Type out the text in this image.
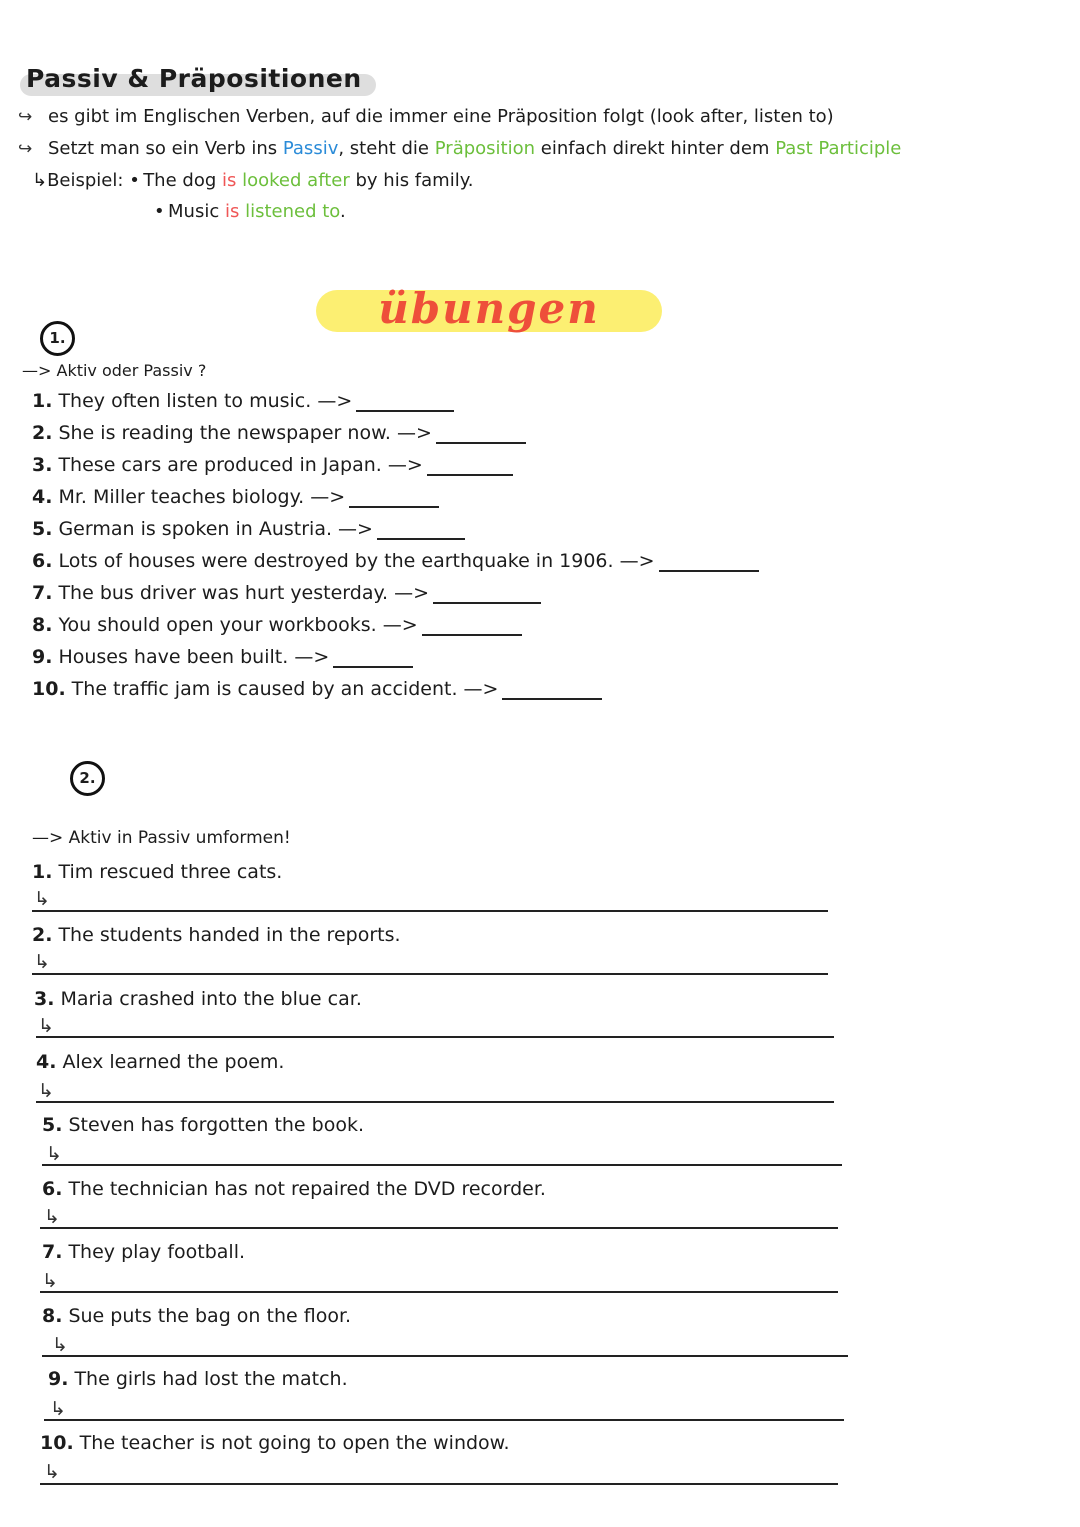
Passiv & Präpositionen
↪ es gibt im Englischen Verben, auf die immer eine Präposition folgt (look after, listen to)
↪ Setzt man so ein Verb ins Passiv, steht die Präposition einfach direkt hinter dem Past Participle
↳Beispiel: • The dog is looked after by his family.
• Music is listened to.
übungen
1.
—> Aktiv oder Passiv ?
1. They often listen to music. —>
2. She is reading the newspaper now. —>
3. These cars are produced in Japan. —>
4. Mr. Miller teaches biology. —>
5. German is spoken in Austria. —>
6. Lots of houses were destroyed by the earthquake in 1906. —>
7. The bus driver was hurt yesterday. —>
8. You should open your workbooks. —>
9. Houses have been built. —>
10. The traffic jam is caused by an accident. —>
2.
—> Aktiv in Passiv umformen!
1. Tim rescued three cats.
↳
2. The students handed in the reports.
↳
3. Maria crashed into the blue car.
↳
4. Alex learned the poem.
↳
5. Steven has forgotten the book.
↳
6. The technician has not repaired the DVD recorder.
↳
7. They play football.
↳
8. Sue puts the bag on the floor.
↳
9. The girls had lost the match.
↳
10. The teacher is not going to open the window.
↳
